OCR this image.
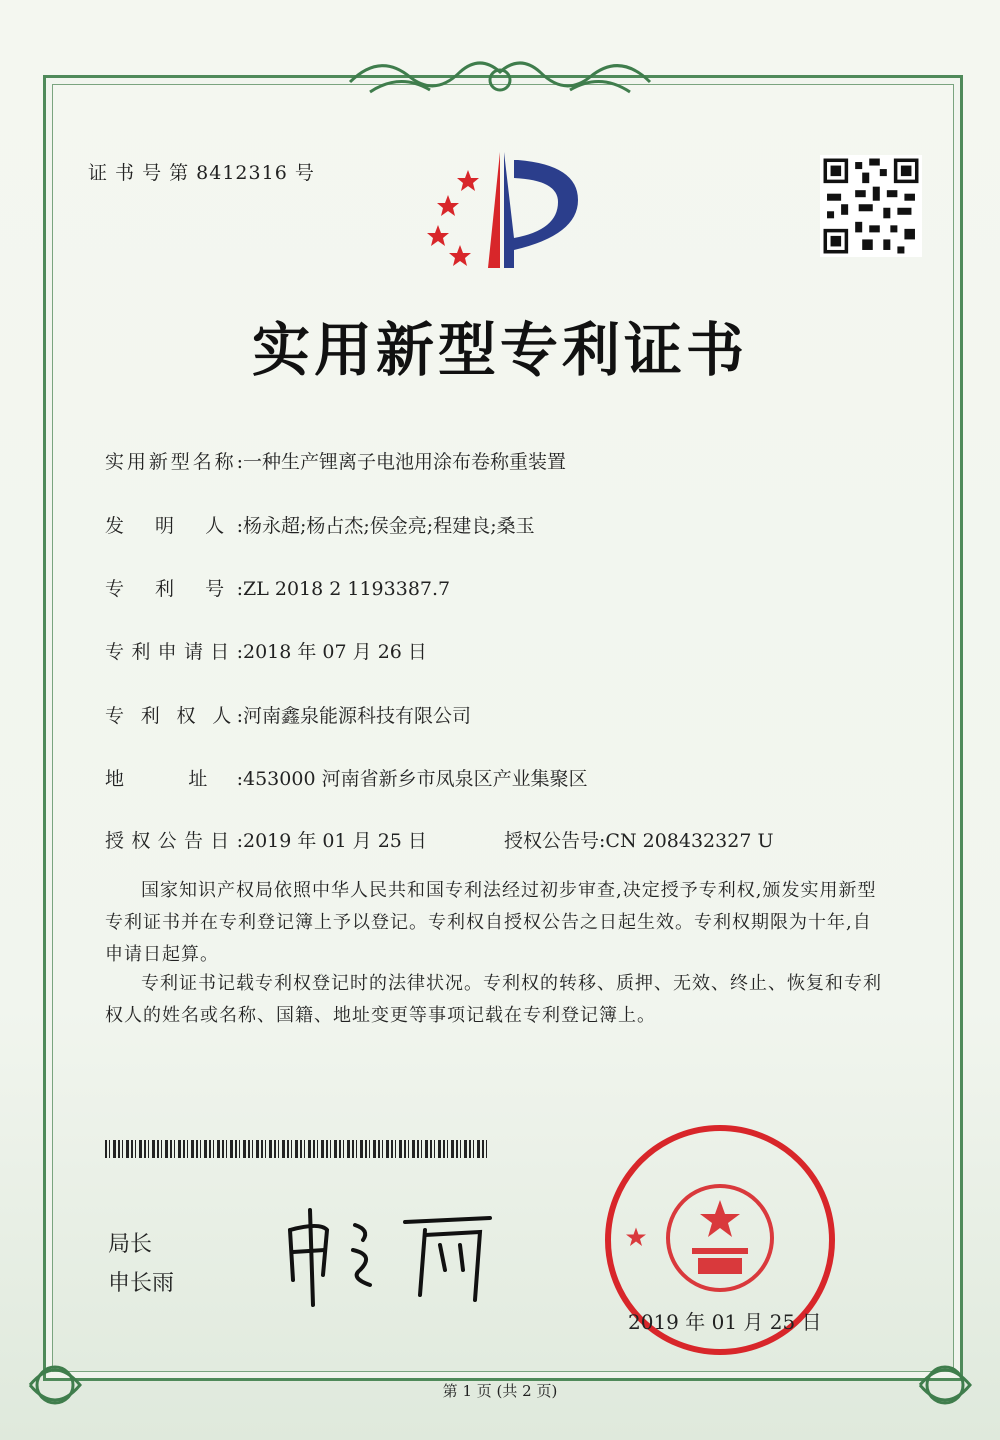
证 书 号 第 8412316 号
实用新型专利证书
实用新型名称:一种生产锂离子电池用涂布卷称重装置
发 明 人:杨永超;杨占杰;侯金亮;程建良;桑玉
专 利 号:ZL 2018 2 1193387.7
专利申请日:2018 年 07 月 26 日
专 利 权 人:河南鑫泉能源科技有限公司
地 址:453000 河南省新乡市凤泉区产业集聚区
授权公告日:2019 年 01 月 25 日	授权公告号:CN 208432327 U
国家知识产权局依照中华人民共和国专利法经过初步审查,决定授予专利权,颁发实用新型专利证书并在专利登记簿上予以登记。专利权自授权公告之日起生效。专利权期限为十年,自申请日起算。
专利证书记载专利权登记时的法律状况。专利权的转移、质押、无效、终止、恢复和专利权人的姓名或名称、国籍、地址变更等事项记载在专利登记簿上。
局长
申长雨
2019 年 01 月 25 日
第 1 页 (共 2 页)
